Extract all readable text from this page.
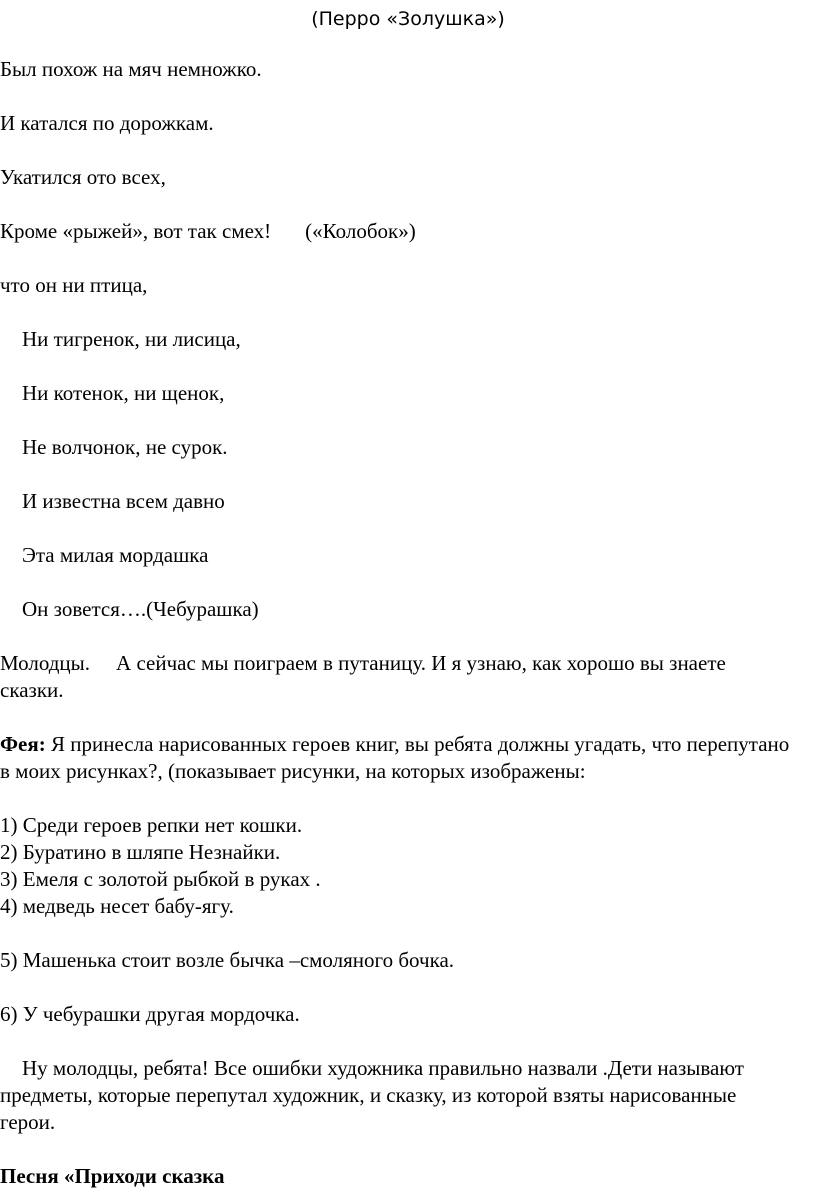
(Перро «Золушка»)
Был похож на мяч немножко.
И катался по дорожкам.
Укатился ото всех,
Кроме «рыжей», вот так смех! («Колобок»)
что он ни птица,
Ни тигренок, ни лисица,
Ни котенок, ни щенок,
Не волчонок, не сурок.
И известна всем давно
Эта милая мордашка
Он зовется….(Чебурашка)
Молодцы. А сейчас мы поиграем в путаницу. И я узнаю, как хорошо вы знаете сказки.
Фея: Я принесла нарисованных героев книг, вы ребята должны угадать, что перепутано в моих рисунках?, (показывает рисунки, на которых изображены:
1) Среди героев репки нет кошки.
2) Буратино в шляпе Незнайки.
3) Емеля с золотой рыбкой в руках .
4) медведь несет бабу-ягу.
5) Машенька стоит возле бычка –смоляного бочка.
6) У чебурашки другая мордочка.
Ну молодцы, ребята! Все ошибки художника правильно назвали .Дети называют предметы, которые перепутал художник, и сказку, из которой взяты нарисованные герои.
Песня «Приходи сказка
